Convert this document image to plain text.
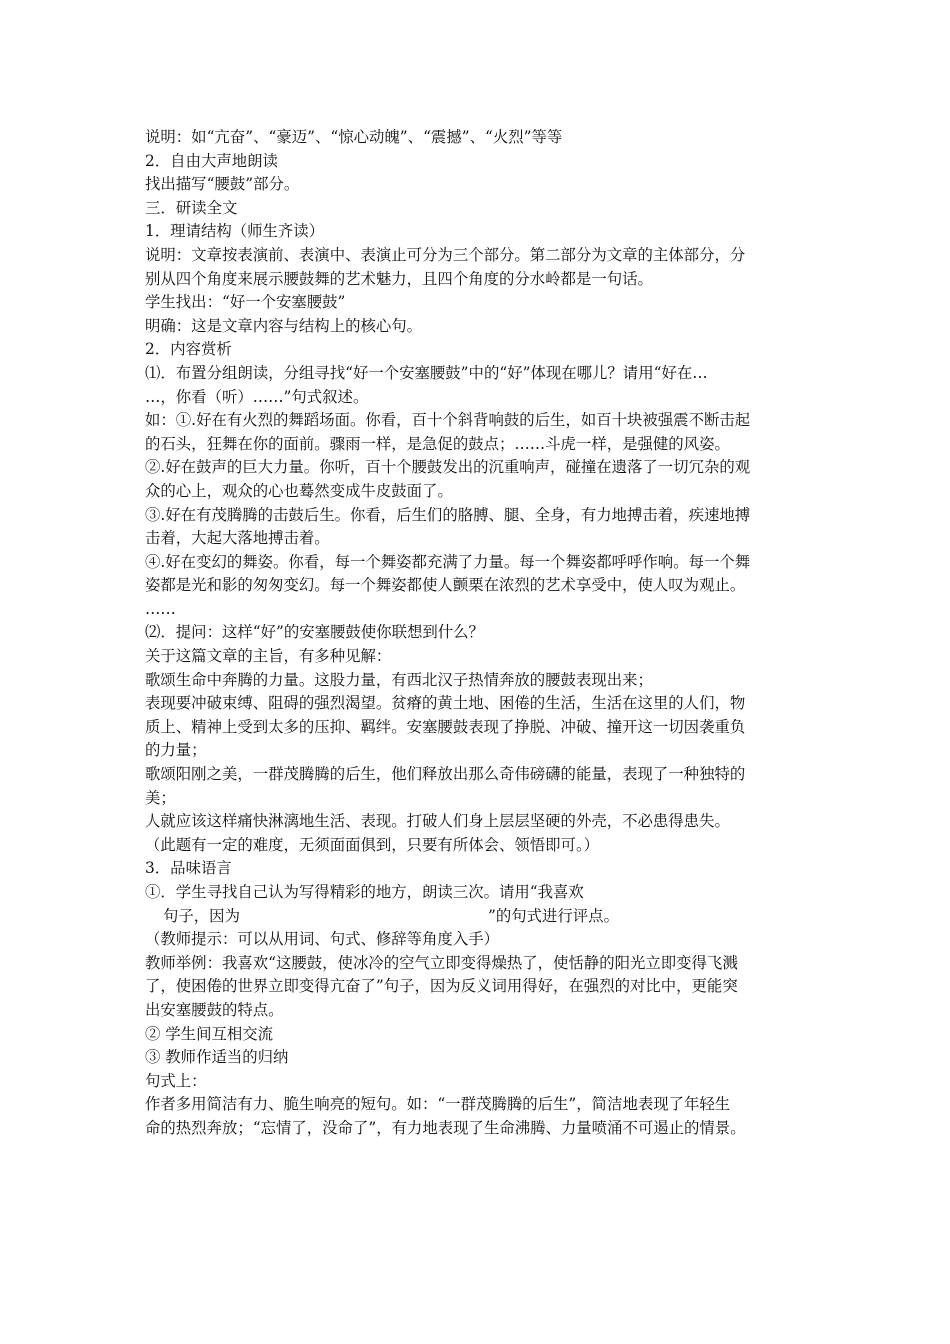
说明：如“亢奋”、“豪迈”、“惊心动魄”、“震撼”、“火烈”等等
2．自由大声地朗读
找出描写“腰鼓”部分。
三．研读全文
1．理请结构（师生齐读）
说明：文章按表演前、表演中、表演止可分为三个部分。第二部分为文章的主体部分，分
别从四个角度来展示腰鼓舞的艺术魅力，且四个角度的分水岭都是一句话。
学生找出：“好一个安塞腰鼓”
明确：这是文章内容与结构上的核心句。
2．内容赏析
⑴．布置分组朗读，分组寻找“好一个安塞腰鼓”中的“好”体现在哪儿？请用“好在…
…，你看（听）……”句式叙述。
如：①.好在有火烈的舞蹈场面。你看，百十个斜背响鼓的后生，如百十块被强震不断击起
的石头，狂舞在你的面前。骤雨一样，是急促的鼓点；……斗虎一样，是强健的风姿。
②.好在鼓声的巨大力量。你听，百十个腰鼓发出的沉重响声，碰撞在遗落了一切冗杂的观
众的心上，观众的心也蓦然变成牛皮鼓面了。
③.好在有茂腾腾的击鼓后生。你看，后生们的胳膊、腿、全身，有力地搏击着，疾速地搏
击着，大起大落地搏击着。
④.好在变幻的舞姿。你看，每一个舞姿都充满了力量。每一个舞姿都呼呼作响。每一个舞
姿都是光和影的匆匆变幻。每一个舞姿都使人颤栗在浓烈的艺术享受中，使人叹为观止。
……
⑵．提问：这样“好”的安塞腰鼓使你联想到什么？
关于这篇文章的主旨，有多种见解：
歌颂生命中奔腾的力量。这股力量，有西北汉子热情奔放的腰鼓表现出来；
表现要冲破束缚、阻碍的强烈渴望。贫瘠的黄土地、困倦的生活，生活在这里的人们，物
质上、精神上受到太多的压抑、羁绊。安塞腰鼓表现了挣脱、冲破、撞开这一切因袭重负
的力量；
歌颂阳刚之美，一群茂腾腾的后生，他们释放出那么奇伟磅礴的能量，表现了一种独特的
美；
人就应该这样痛快淋漓地生活、表现。打破人们身上层层坚硬的外壳，不必患得患失。
（此题有一定的难度，无须面面俱到，只要有所体会、领悟即可。）
3．品味语言
①．学生寻找自己认为写得精彩的地方，朗读三次。请用“我喜欢
句子，因为	”的句式进行评点。
（教师提示：可以从用词、句式、修辞等角度入手）
教师举例：我喜欢“这腰鼓，使冰冷的空气立即变得燥热了，使恬静的阳光立即变得飞溅
了，使困倦的世界立即变得亢奋了”句子，因为反义词用得好，在强烈的对比中，更能突
出安塞腰鼓的特点。
② 学生间互相交流
③ 教师作适当的归纳
句式上：
作者多用简洁有力、脆生响亮的短句。如：“一群茂腾腾的后生”，简洁地表现了年轻生
命的热烈奔放；“忘情了，没命了”，有力地表现了生命沸腾、力量喷涌不可遏止的情景。
